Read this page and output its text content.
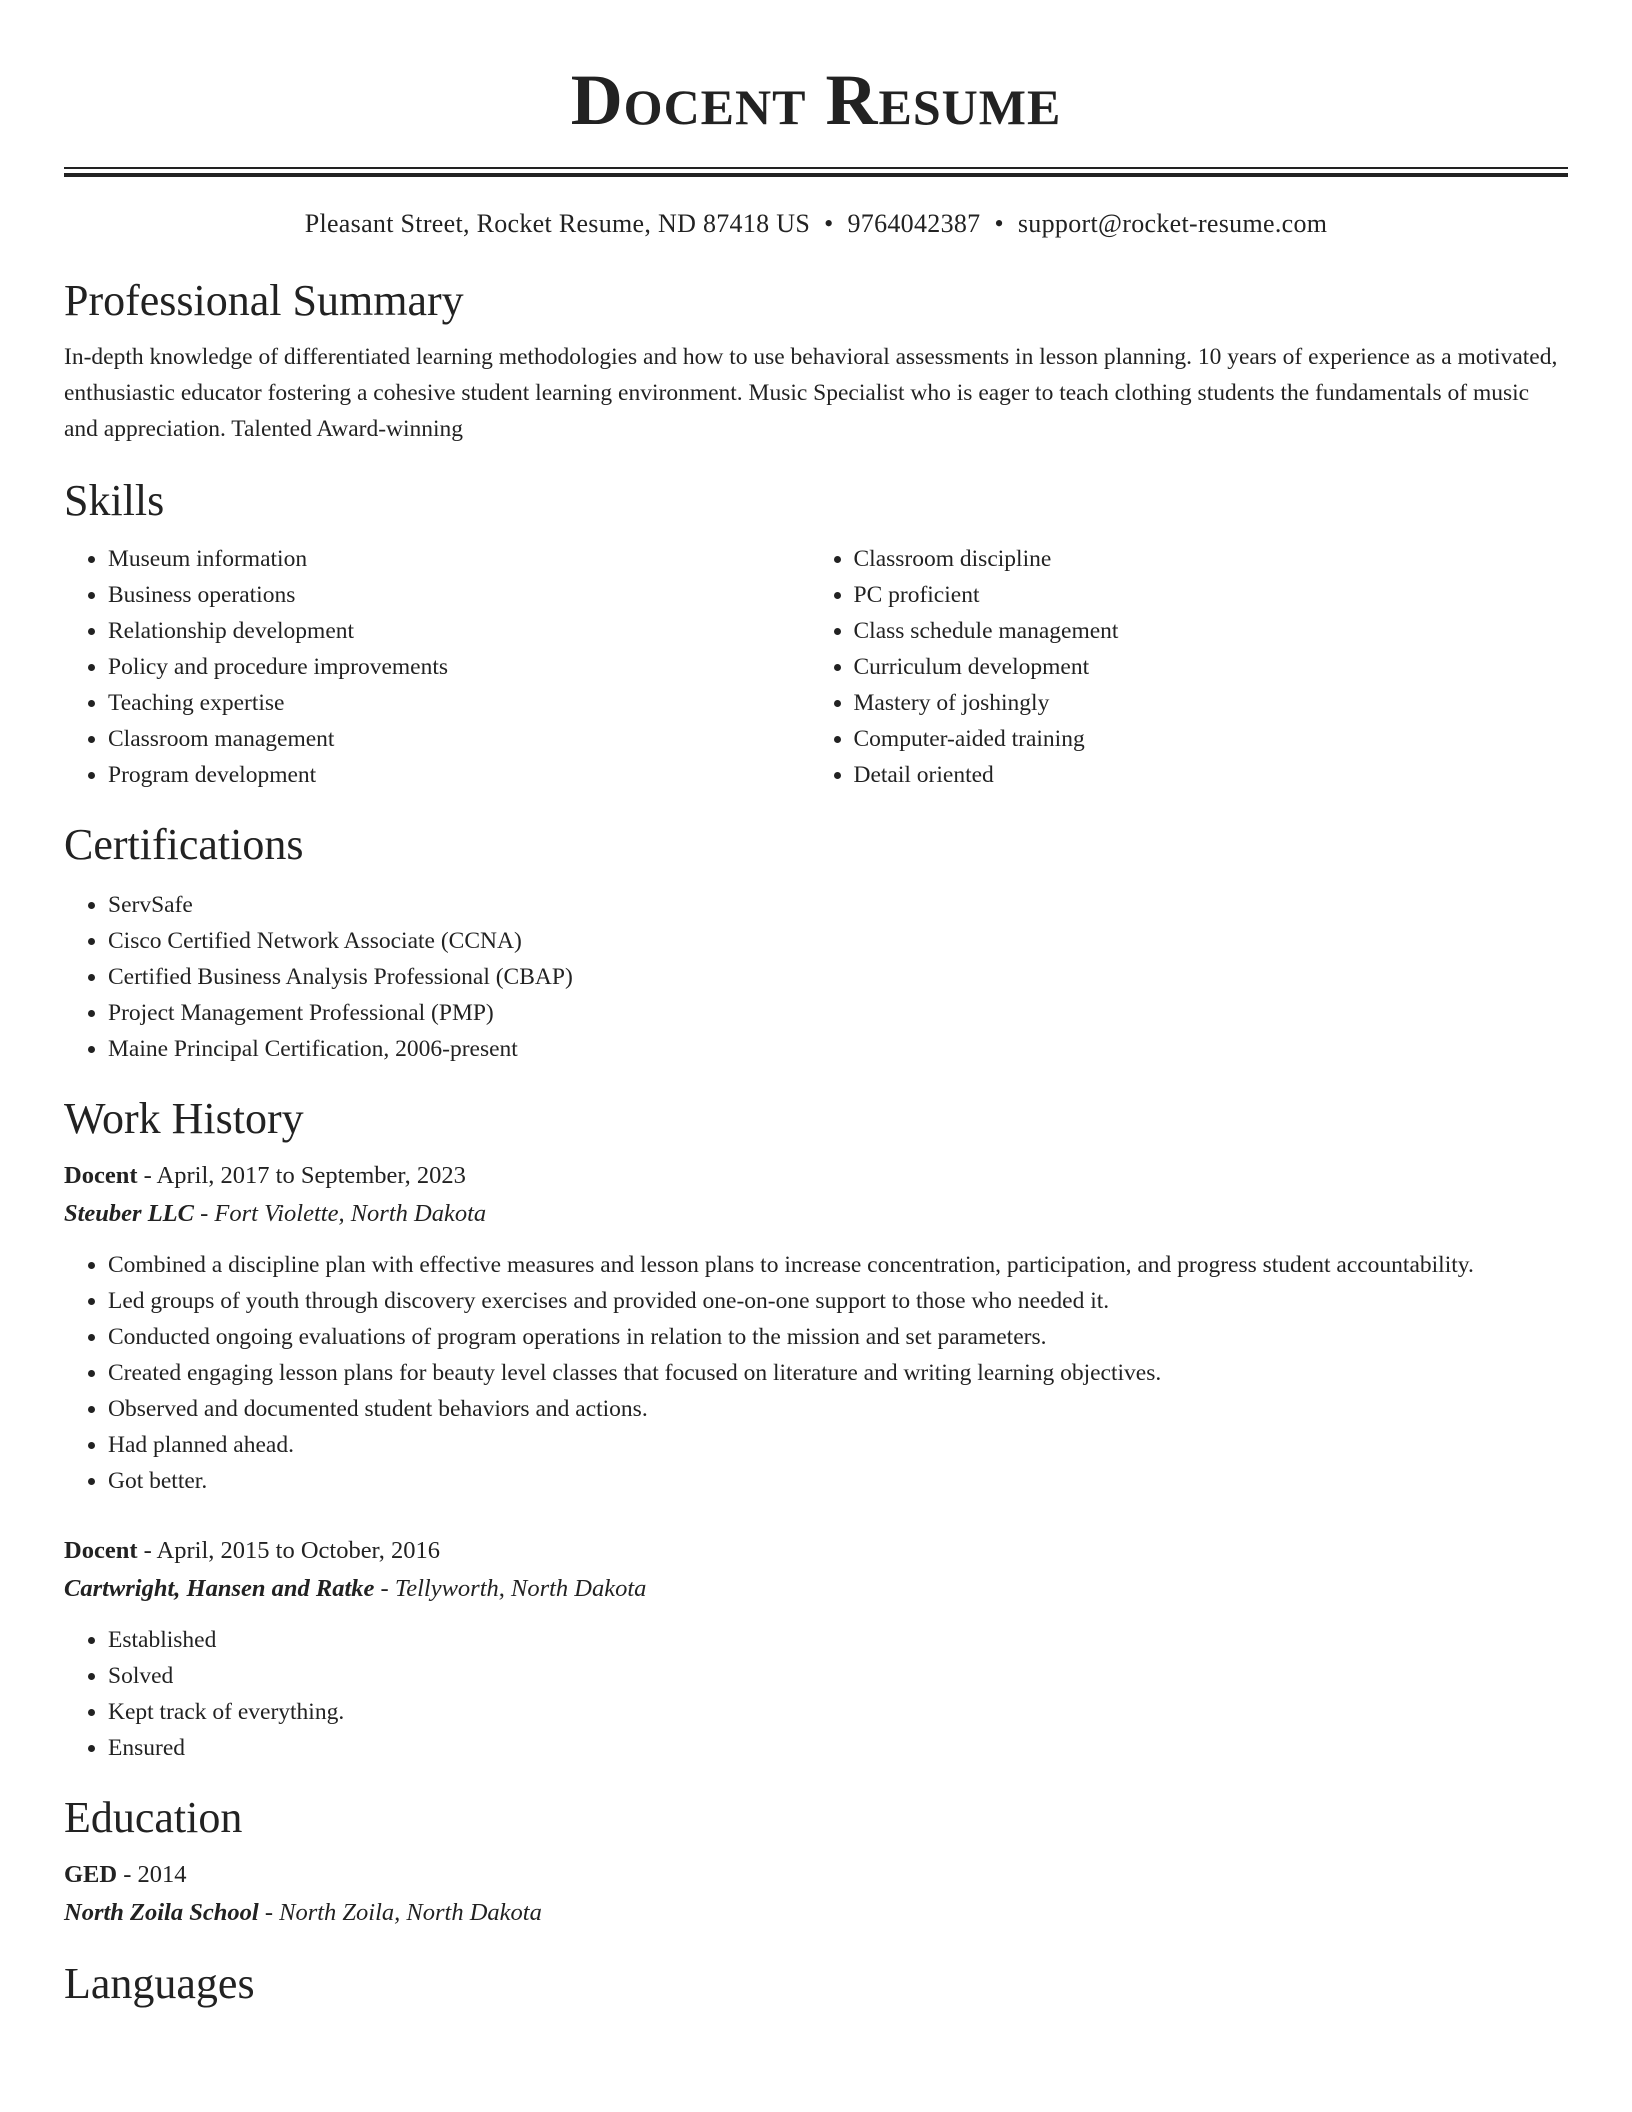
Docent Resume
Pleasant Street, Rocket Resume, ND 87418 US • 9764042387 • support@rocket-resume.com
Professional Summary

In-depth knowledge of differentiated learning methodologies and how to use behavioral assessments in lesson planning. 10 years of experience as a motivated, enthusiastic educator fostering a cohesive student learning environment. Music Specialist who is eager to teach clothing students the fundamentals of music and appreciation. Talented Award-winning

Skills
• Museum information
• Business operations
• Relationship development
• Policy and procedure improvements
• Teaching expertise
• Classroom management
• Program development
• Classroom discipline
• PC proficient
• Class schedule management
• Curriculum development
• Mastery of joshingly
• Computer-aided training
• Detail oriented
Certifications
• ServSafe
• Cisco Certified Network Associate (CCNA)
• Certified Business Analysis Professional (CBAP)
• Project Management Professional (PMP)
• Maine Principal Certification, 2006-present
Work History
Docent - April, 2017 to September, 2023
Steuber LLC - Fort Violette, North Dakota
• Combined a discipline plan with effective measures and lesson plans to increase concentration, participation, and progress student accountability.
• Led groups of youth through discovery exercises and provided one-on-one support to those who needed it.
• Conducted ongoing evaluations of program operations in relation to the mission and set parameters.
• Created engaging lesson plans for beauty level classes that focused on literature and writing learning objectives.
• Observed and documented student behaviors and actions.
• Had planned ahead.
• Got better.
Docent - April, 2015 to October, 2016
Cartwright, Hansen and Ratke - Tellyworth, North Dakota
• Established
• Solved
• Kept track of everything.
• Ensured
Education
GED - 2014
North Zoila School - North Zoila, North Dakota
Languages
